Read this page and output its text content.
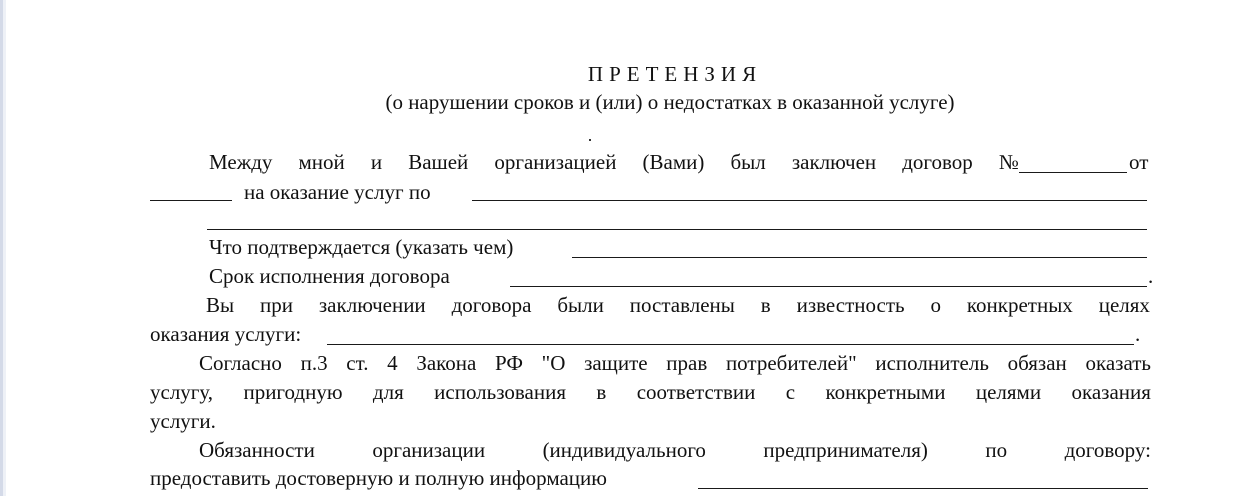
ПРЕТЕНЗИЯ
(о нарушении сроков и (или) о недостатках в оказанной услуге)
Между мной и Вашей организацией (Вами) был заключен договор №	от
на оказание услуг по
Что подтверждается (указать чем)
Срок исполнения договора	.
Вы при заключении договора были поставлены в известность о конкретных целях
оказания услуги:	.
Согласно п.3 ст. 4 Закона РФ "О защите прав потребителей" исполнитель обязан оказать
услугу, пригодную для использования в соответствии с конкретными целями оказания
услуги.
Обязанности	организации	(индивидуального	предпринимателя)	по	договору:
предоставить достоверную и полную информацию
